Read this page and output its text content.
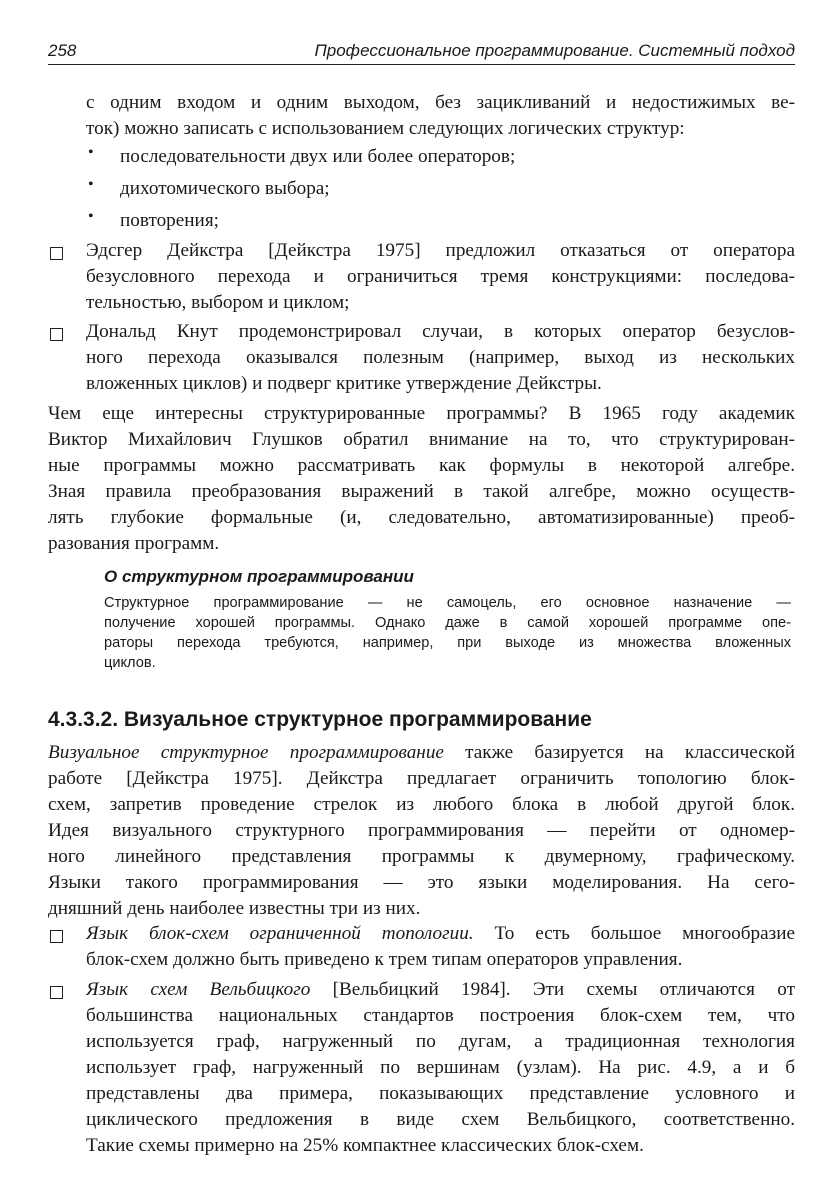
258	Профессиональное программирование. Системный подход
с одним входом и одним выходом, без зацикливаний и недостижимых ве-
ток) можно записать с использованием следующих логических структур:
• последовательности двух или более операторов;
• дихотомического выбора;
• повторения;
Эдсгер Дейкстра [Дейкстра 1975] предложил отказаться от оператора
безусловного перехода и ограничиться тремя конструкциями: последова-
тельностью, выбором и циклом;
Дональд Кнут продемонстрировал случаи, в которых оператор безуслов-
ного перехода оказывался полезным (например, выход из нескольких
вложенных циклов) и подверг критике утверждение Дейкстры.
Чем еще интересны структурированные программы? В 1965 году академик
Виктор Михайлович Глушков обратил внимание на то, что структурирован-
ные программы можно рассматривать как формулы в некоторой алгебре.
Зная правила преобразования выражений в такой алгебре, можно осуществ-
лять глубокие формальные (и, следовательно, автоматизированные) преоб-
разования программ.
О структурном программировании
Структурное программирование — не самоцель, его основное назначение —
получение хорошей программы. Однако даже в самой хорошей программе опе-
раторы перехода требуются, например, при выходе из множества вложенных
циклов.
4.3.3.2. Визуальное структурное программирование
Визуальное структурное программирование также базируется на классической
работе [Дейкстра 1975]. Дейкстра предлагает ограничить топологию блок-
схем, запретив проведение стрелок из любого блока в любой другой блок.
Идея визуального структурного программирования — перейти от одномер-
ного линейного представления программы к двумерному, графическому.
Языки такого программирования — это языки моделирования. На сего-
дняшний день наиболее известны три из них.
Язык блок-схем ограниченной топологии. То есть большое многообразие
блок-схем должно быть приведено к трем типам операторов управления.
Язык схем Вельбицкого [Вельбицкий 1984]. Эти схемы отличаются от
большинства национальных стандартов построения блок-схем тем, что
используется граф, нагруженный по дугам, а традиционная технология
использует граф, нагруженный по вершинам (узлам). На рис. 4.9, а и б
представлены два примера, показывающих представление условного и
циклического предложения в виде схем Вельбицкого, соответственно.
Такие схемы примерно на 25% компактнее классических блок-схем.
